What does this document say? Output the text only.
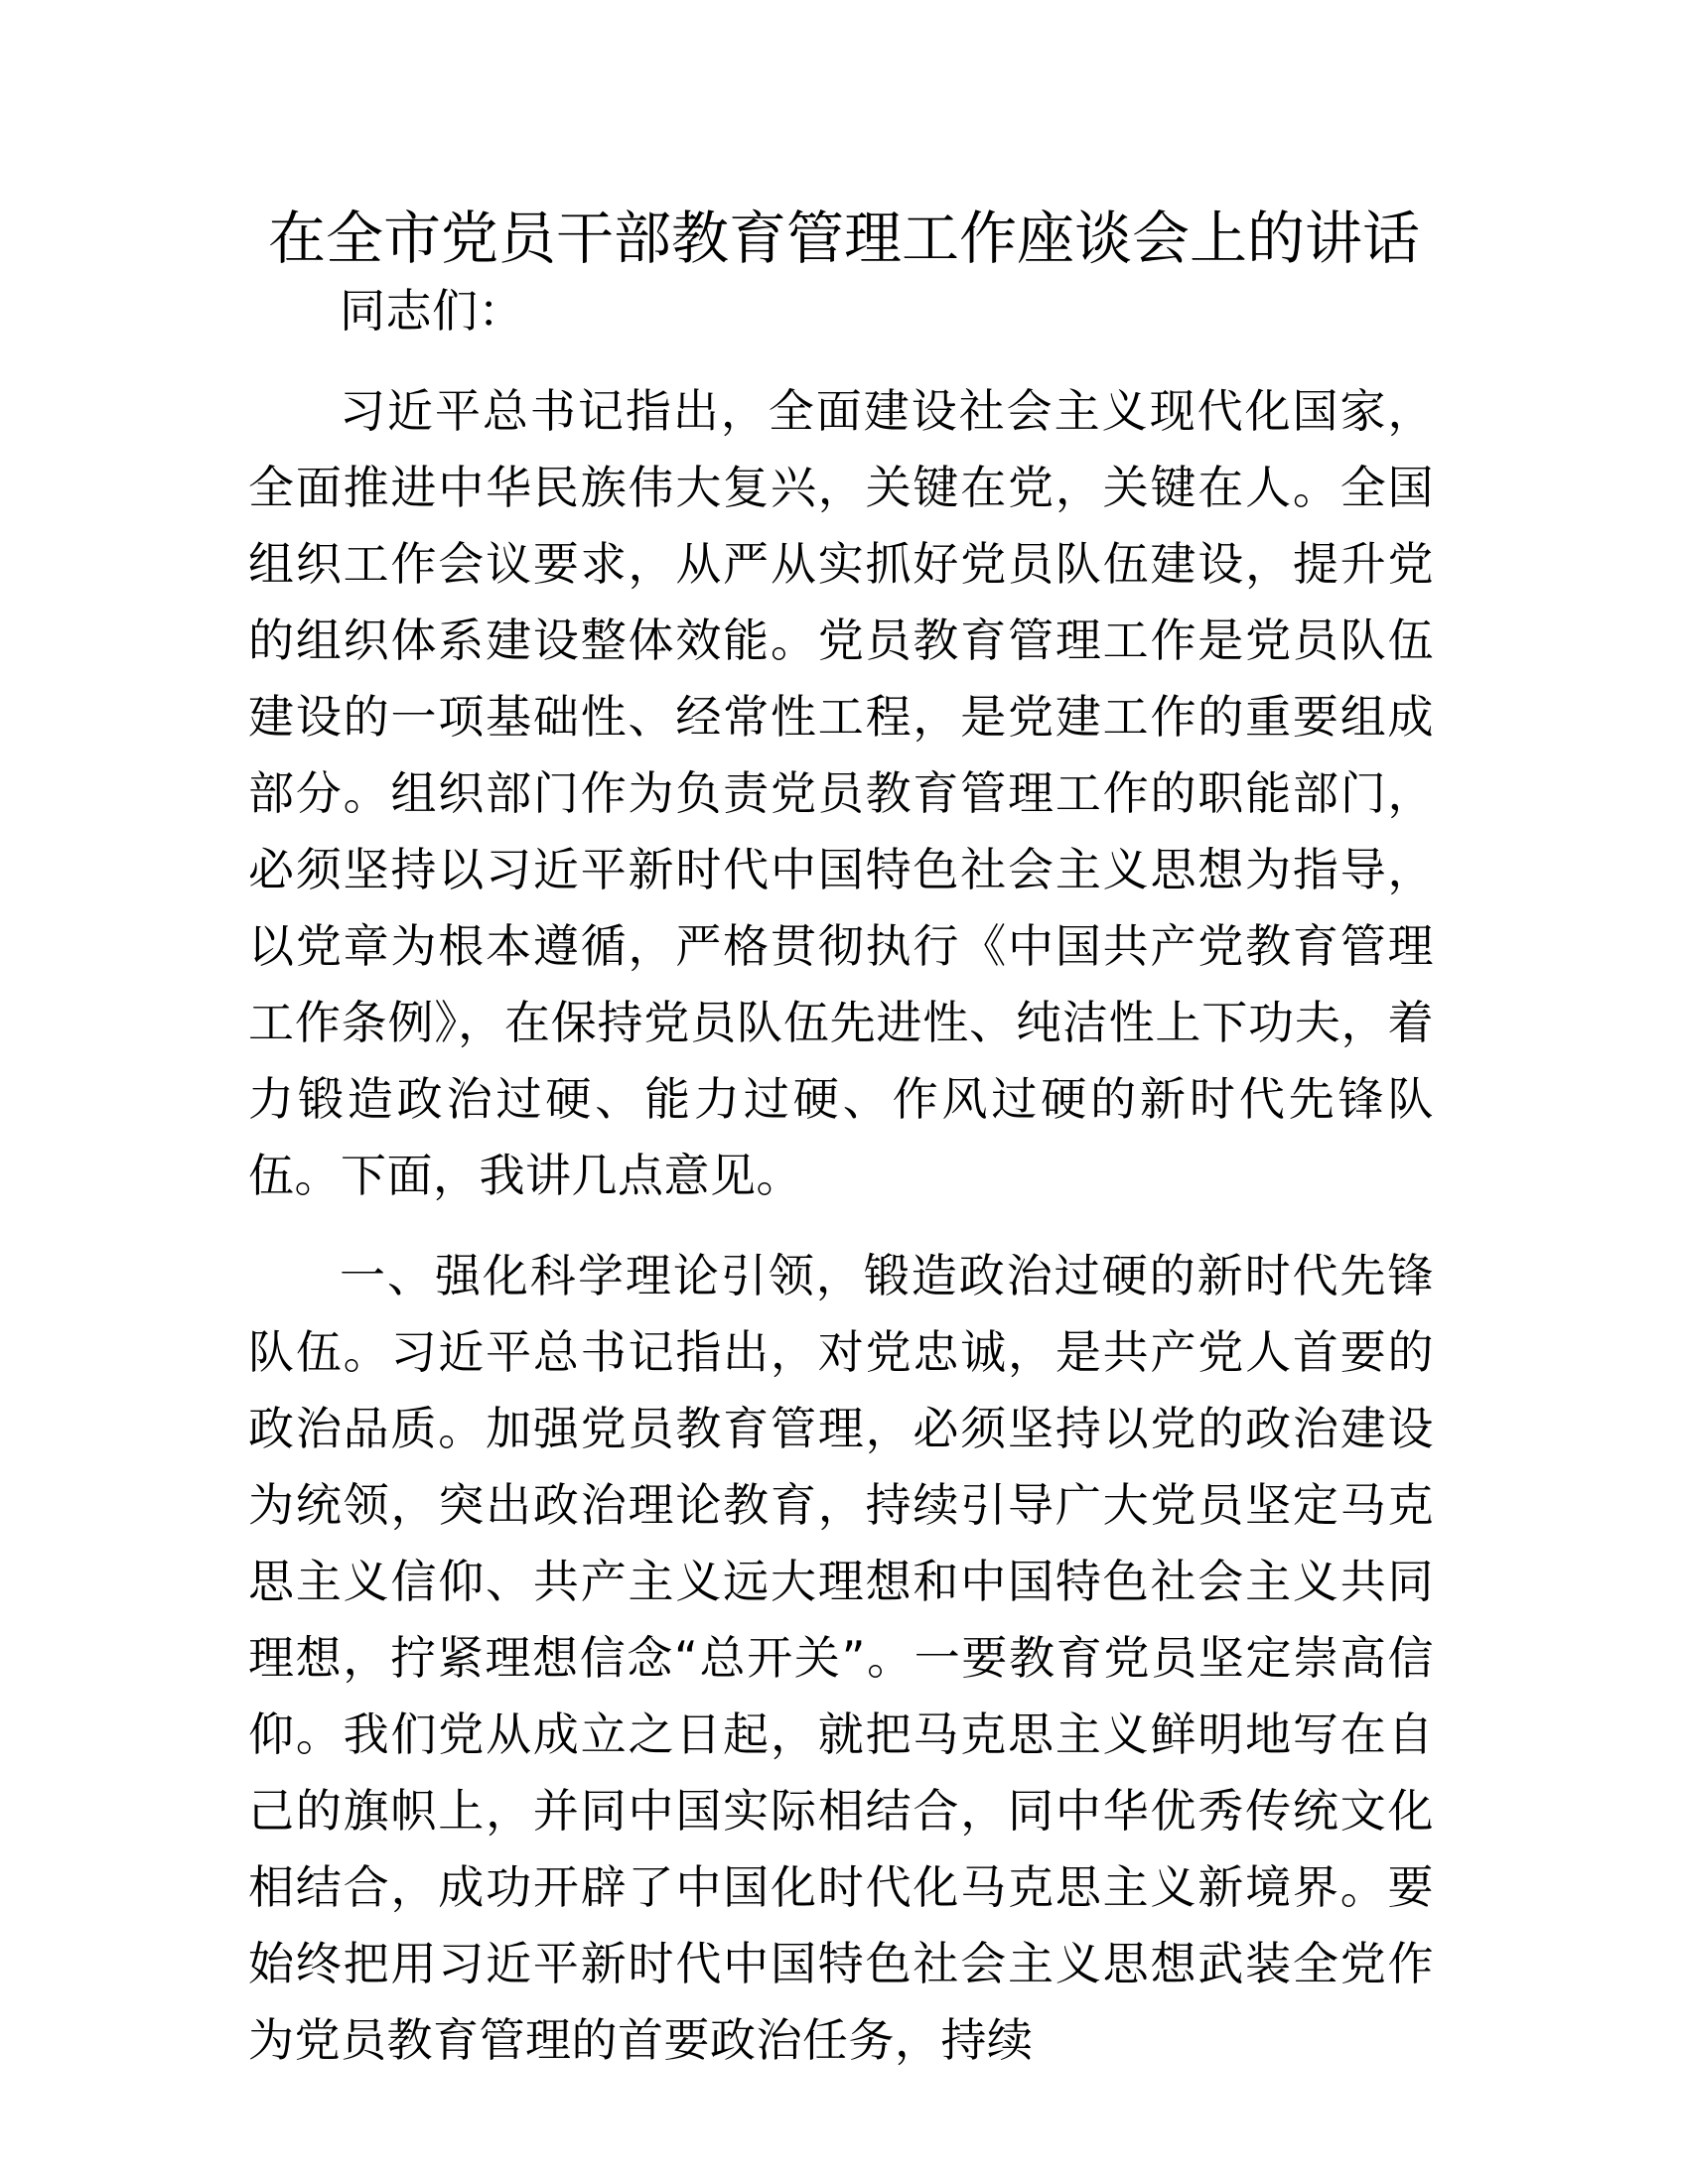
在全市党员干部教育管理工作座谈会上的讲话

同志们：

习近平总书记指出，全面建设社会主义现代化国家，全面推进中华民族伟大复兴，关键在党，关键在人。全国组织工作会议要求，从严从实抓好党员队伍建设，提升党的组织体系建设整体效能。党员教育管理工作是党员队伍建设的一项基础性、经常性工程，是党建工作的重要组成部分。组织部门作为负责党员教育管理工作的职能部门，必须坚持以习近平新时代中国特色社会主义思想为指导，以党章为根本遵循，严格贯彻执行《中国共产党教育管理工作条例》，在保持党员队伍先进性、纯洁性上下功夫，着力锻造政治过硬、能力过硬、作风过硬的新时代先锋队伍。下面，我讲几点意见。

一、强化科学理论引领，锻造政治过硬的新时代先锋队伍。习近平总书记指出，对党忠诚，是共产党人首要的政治品质。加强党员教育管理，必须坚持以党的政治建设为统领，突出政治理论教育，持续引导广大党员坚定马克思主义信仰、共产主义远大理想和中国特色社会主义共同理想，拧紧理想信念“总开关”。一要教育党员坚定崇高信仰。我们党从成立之日起，就把马克思主义鲜明地写在自己的旗帜上，并同中国实际相结合，同中华优秀传统文化相结合，成功开辟了中国化时代化马克思主义新境界。要始终把用习近平新时代中国特色社会主义思想武装全党作为党员教育管理的首要政治任务，持续
